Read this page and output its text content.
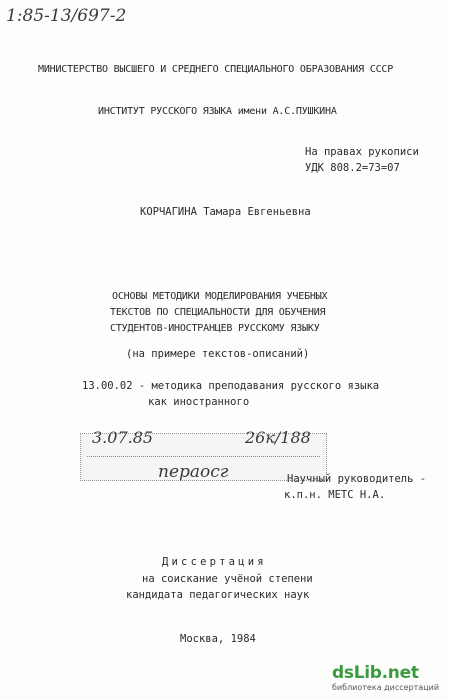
1:85-13/697-2
МИНИСТЕРСТВО ВЫСШЕГО И СРЕДНЕГО СПЕЦИАЛЬНОГО ОБРАЗОВАНИЯ СССР
ИНСТИТУТ РУССКОГО ЯЗЫКА имени А.С.ПУШКИНА
На правах рукописи
УДК 808.2=73=07
КОРЧАГИНА Тамара Евгеньевна
ОСНОВЫ МЕТОДИКИ МОДЕЛИРОВАНИЯ УЧЕБНЫХ
ТЕКСТОВ ПО СПЕЦИАЛЬНОСТИ ДЛЯ ОБУЧЕНИЯ
СТУДЕНТОВ-ИНОСТРАНЦЕВ РУССКОМУ ЯЗЫКУ
(на примере текстов-описаний)
13.00.02 - методика преподавания русского языка
как иностранного
3.07.85	26к/188
пераосг	Научный руководитель -
к.п.н. МЕТС Н.А.
Диссертация
на соискание учёной степени
кандидата педагогических наук
Москва, 1984
dsLib.net
библиотека диссертаций
